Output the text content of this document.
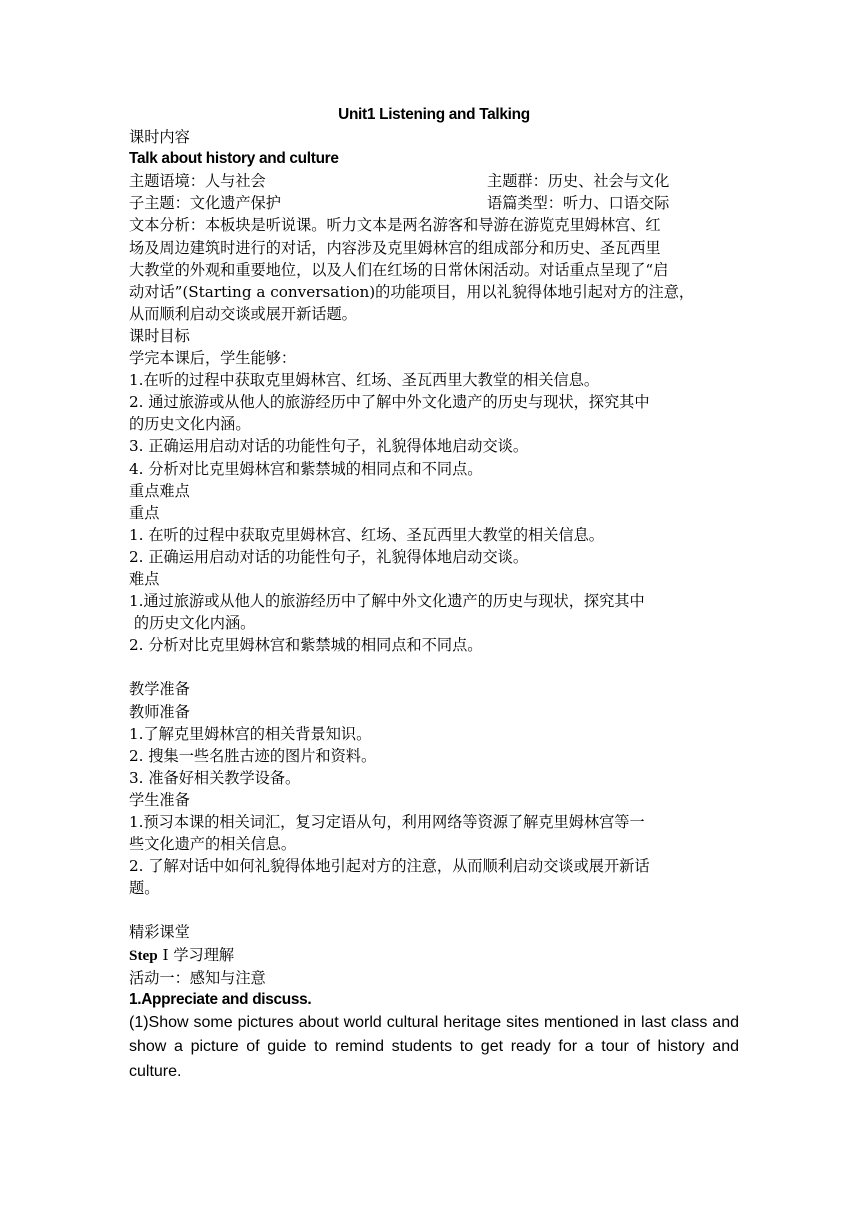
Unit1 Listening and Talking
课时内容
Talk about history and culture
主题语境：人与社会	主题群：历史、社会与文化
子主题：文化遗产保护	语篇类型：听力、口语交际
文本分析：本板块是听说课。听力文本是两名游客和导游在游览克里姆林宫、红
场及周边建筑时进行的对话，内容涉及克里姆林宫的组成部分和历史、圣瓦西里
大教堂的外观和重要地位，以及人们在红场的日常休闲活动。对话重点呈现了“启
动对话”(Starting a conversation)的功能项目，用以礼貌得体地引起对方的注意，
从而顺利启动交谈或展开新话题。
课时目标
学完本课后，学生能够：
1.在听的过程中获取克里姆林宫、红场、圣瓦西里大教堂的相关信息。
2. 通过旅游或从他人的旅游经历中了解中外文化遗产的历史与现状，探究其中
的历史文化内涵。
3. 正确运用启动对话的功能性句子，礼貌得体地启动交谈。
4. 分析对比克里姆林宫和紫禁城的相同点和不同点。
重点难点
重点
1. 在听的过程中获取克里姆林宫、红场、圣瓦西里大教堂的相关信息。
2. 正确运用启动对话的功能性句子，礼貌得体地启动交谈。
难点
1.通过旅游或从他人的旅游经历中了解中外文化遗产的历史与现状，探究其中
的历史文化内涵。
2. 分析对比克里姆林宫和紫禁城的相同点和不同点。
教学准备
教师准备
1.了解克里姆林宫的相关背景知识。
2. 搜集一些名胜古迹的图片和资料。
3. 准备好相关教学设备。
学生准备
1.预习本课的相关词汇，复习定语从句，利用网络等资源了解克里姆林宫等一
些文化遗产的相关信息。
2. 了解对话中如何礼貌得体地引起对方的注意，从而顺利启动交谈或展开新话
题。
精彩课堂
Step Ⅰ 学习理解
活动一：感知与注意
1.Appreciate and discuss.
(1)Show some pictures about world cultural heritage sites mentioned in last class and show a picture of guide to remind students to get ready for a tour of history and culture.
